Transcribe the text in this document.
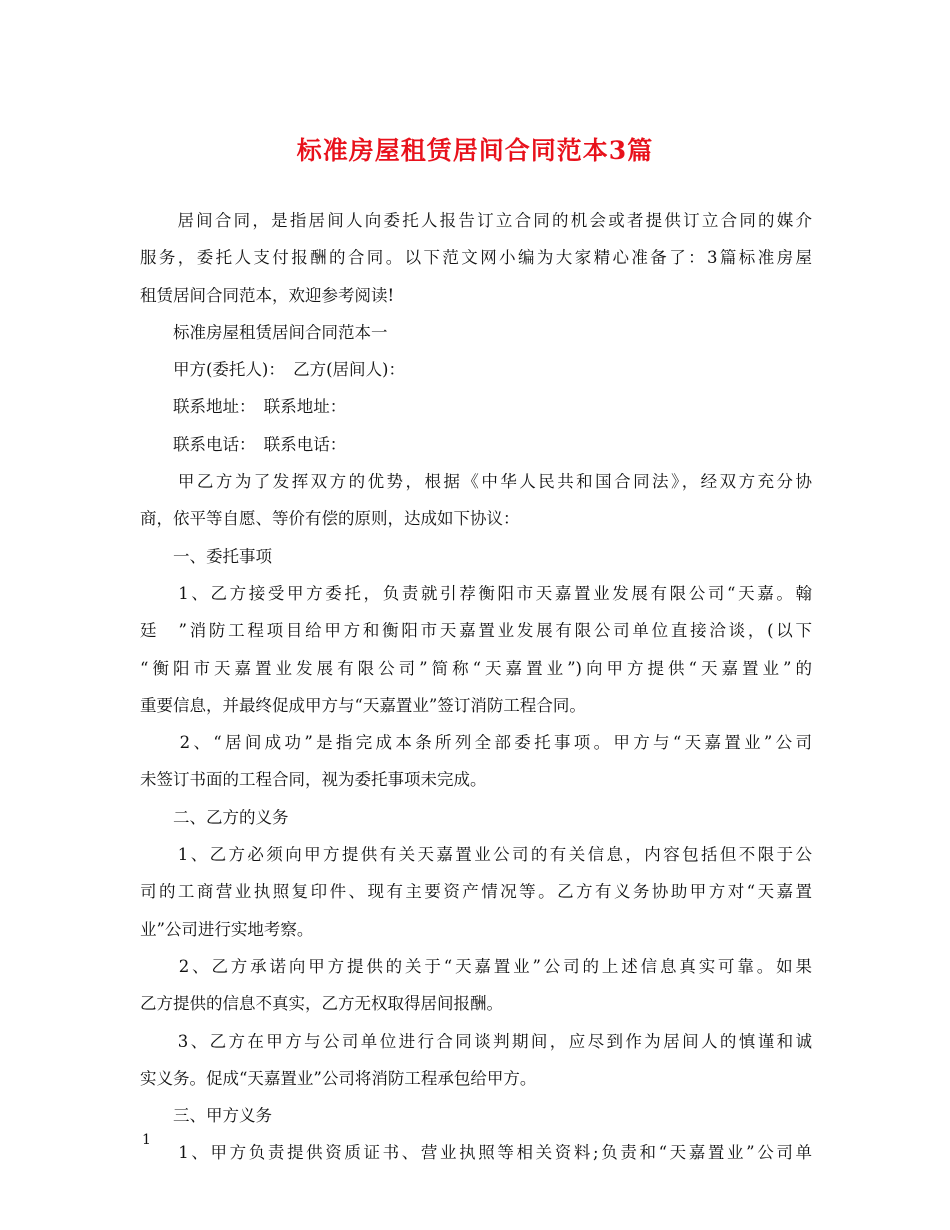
标准房屋租赁居间合同范本3篇
　　居间合同，是指居间人向委托人报告订立合同的机会或者提供订立合同的媒介
服务，委托人支付报酬的合同。以下范文网小编为大家精心准备了：3篇标准房屋
租赁居间合同范本，欢迎参考阅读!
　　标准房屋租赁居间合同范本一
　　甲方(委托人)：　乙方(居间人)：
　　联系地址：　联系地址：
　　联系电话：　联系电话：
　　甲乙方为了发挥双方的优势，根据《中华人民共和国合同法》，经双方充分协
商，依平等自愿、等价有偿的原则，达成如下协议：
　　一、委托事项
　　1、乙方接受甲方委托，负责就引荐衡阳市天嘉置业发展有限公司“天嘉。翰
廷　”消防工程项目给甲方和衡阳市天嘉置业发展有限公司单位直接洽谈，(以下
“衡阳市天嘉置业发展有限公司”简称“天嘉置业”)向甲方提供“天嘉置业”的
重要信息，并最终促成甲方与“天嘉置业”签订消防工程合同。
　　2、“居间成功”是指完成本条所列全部委托事项。甲方与“天嘉置业”公司
未签订书面的工程合同，视为委托事项未完成。
　　二、乙方的义务
　　1、乙方必须向甲方提供有关天嘉置业公司的有关信息，内容包括但不限于公
司的工商营业执照复印件、现有主要资产情况等。乙方有义务协助甲方对“天嘉置
业”公司进行实地考察。
　　2、乙方承诺向甲方提供的关于“天嘉置业”公司的上述信息真实可靠。如果
乙方提供的信息不真实，乙方无权取得居间报酬。
　　3、乙方在甲方与公司单位进行合同谈判期间，应尽到作为居间人的慎谨和诚
实义务。促成“天嘉置业”公司将消防工程承包给甲方。
　　三、甲方义务
　　1、甲方负责提供资质证书、营业执照等相关资料;负责和“天嘉置业”公司单
1
